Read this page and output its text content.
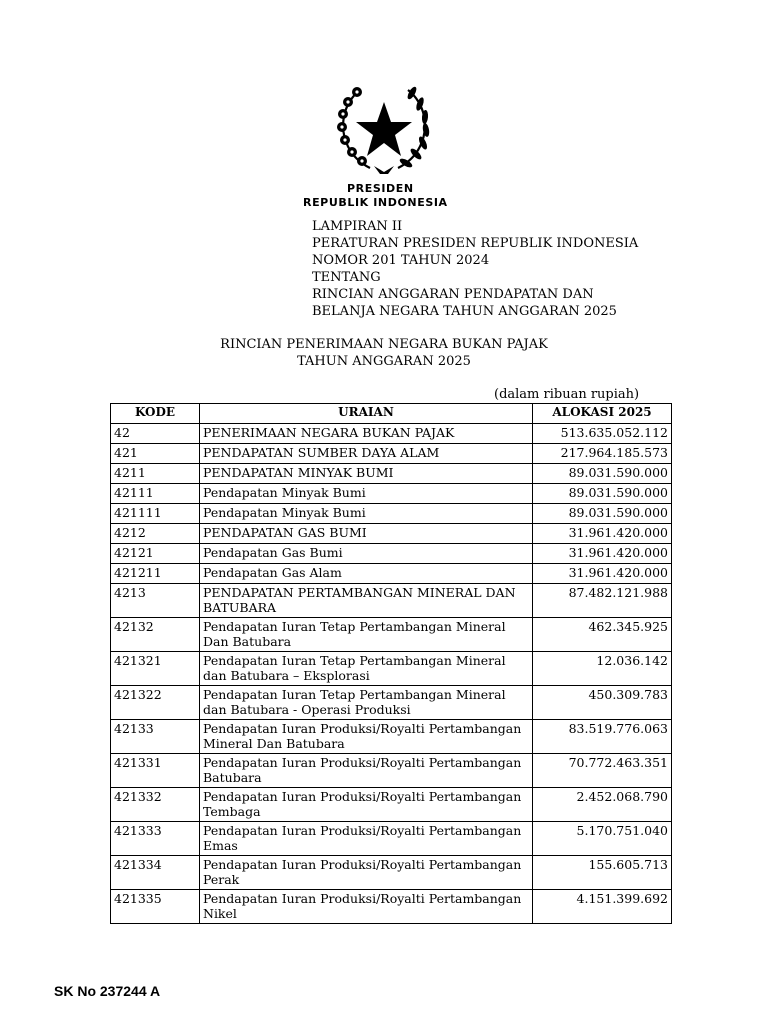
PRESIDEN
REPUBLIK INDONESIA
LAMPIRAN II
PERATURAN PRESIDEN REPUBLIK INDONESIA
NOMOR 201 TAHUN 2024
TENTANG
RINCIAN ANGGARAN PENDAPATAN DAN
BELANJA NEGARA TAHUN ANGGARAN 2025
RINCIAN PENERIMAAN NEGARA BUKAN PAJAK
TAHUN ANGGARAN 2025
(dalam ribuan rupiah)
KODE	URAIAN	ALOKASI 2025
42	PENERIMAAN NEGARA BUKAN PAJAK	513.635.052.112
421	PENDAPATAN SUMBER DAYA ALAM	217.964.185.573
4211	PENDAPATAN MINYAK BUMI	89.031.590.000
42111	Pendapatan Minyak Bumi	89.031.590.000
421111	Pendapatan Minyak Bumi	89.031.590.000
4212	PENDAPATAN GAS BUMI	31.961.420.000
42121	Pendapatan Gas Bumi	31.961.420.000
421211	Pendapatan Gas Alam	31.961.420.000
4213	PENDAPATAN PERTAMBANGAN MINERAL DAN BATUBARA	87.482.121.988
42132	Pendapatan Iuran Tetap Pertambangan Mineral Dan Batubara	462.345.925
421321	Pendapatan Iuran Tetap Pertambangan Mineral dan Batubara – Eksplorasi	12.036.142
421322	Pendapatan Iuran Tetap Pertambangan Mineral dan Batubara - Operasi Produksi	450.309.783
42133	Pendapatan Iuran Produksi/Royalti Pertambangan Mineral Dan Batubara	83.519.776.063
421331	Pendapatan Iuran Produksi/Royalti Pertambangan Batubara	70.772.463.351
421332	Pendapatan Iuran Produksi/Royalti Pertambangan Tembaga	2.452.068.790
421333	Pendapatan Iuran Produksi/Royalti Pertambangan Emas	5.170.751.040
421334	Pendapatan Iuran Produksi/Royalti Pertambangan Perak	155.605.713
421335	Pendapatan Iuran Produksi/Royalti Pertambangan Nikel	4.151.399.692
SK No 237244 A
